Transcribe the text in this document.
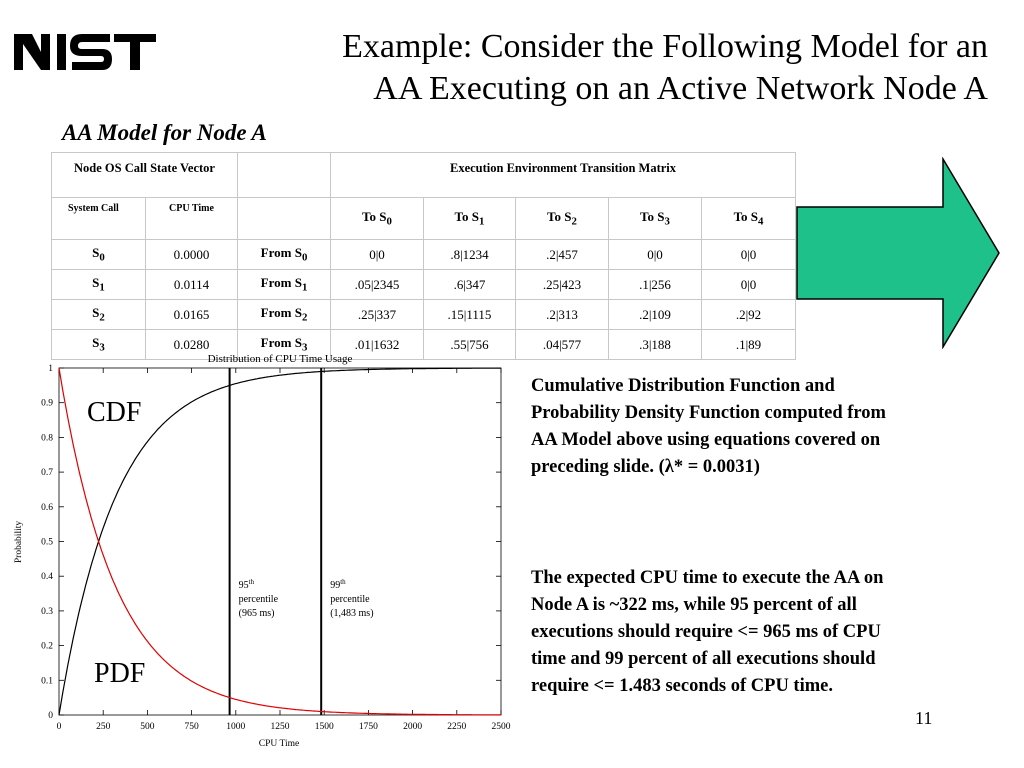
Example: Consider the Following Model for an
AA Executing on an Active Network Node A
AA Model for Node A
Node OS Call State Vector			Execution Environment Transition Matrix				
System Call	CPU Time		To $S_0$	To $S_1$	To $S_2$	To $S_3$	To $S_4$
$S_0$	0.0000	From $S_0$	0|0	.8|1234	.2|457	0|0	0|0
$S_1$	0.0114	From $S_1$	.05|2345	.6|347	.25|423	.1|256	0|0
$S_2$	0.0165	From $S_2$	.25|337	.15|1115	.2|313	.2|109	.2|92
$S_3$	0.0280	From $S_3$	.01|1632	.55|756	.04|577	.3|188	.1|89
Distribution of CPU Time Usage
0	250	500	750	1000	1250	1500	1750	2000	2250	2500
0
0.1
0.2
0.3
0.4
0.5
0.6
0.7
0.8
0.9
1
95th
percentile
(965 ms)
99th
percentile
(1,483 ms)
CDF
PDF
CPU Time
Probability
Cumulative Distribution Function and
Probability Density Function computed from
AA Model above using equations covered on
preceding slide. (λ* = 0.0031)
The expected CPU time to execute the AA on
Node A is ~322 ms, while 95 percent of all
executions should require <= 965 ms of CPU
time and 99 percent of all executions should
require <= 1.483 seconds of CPU time.
11
